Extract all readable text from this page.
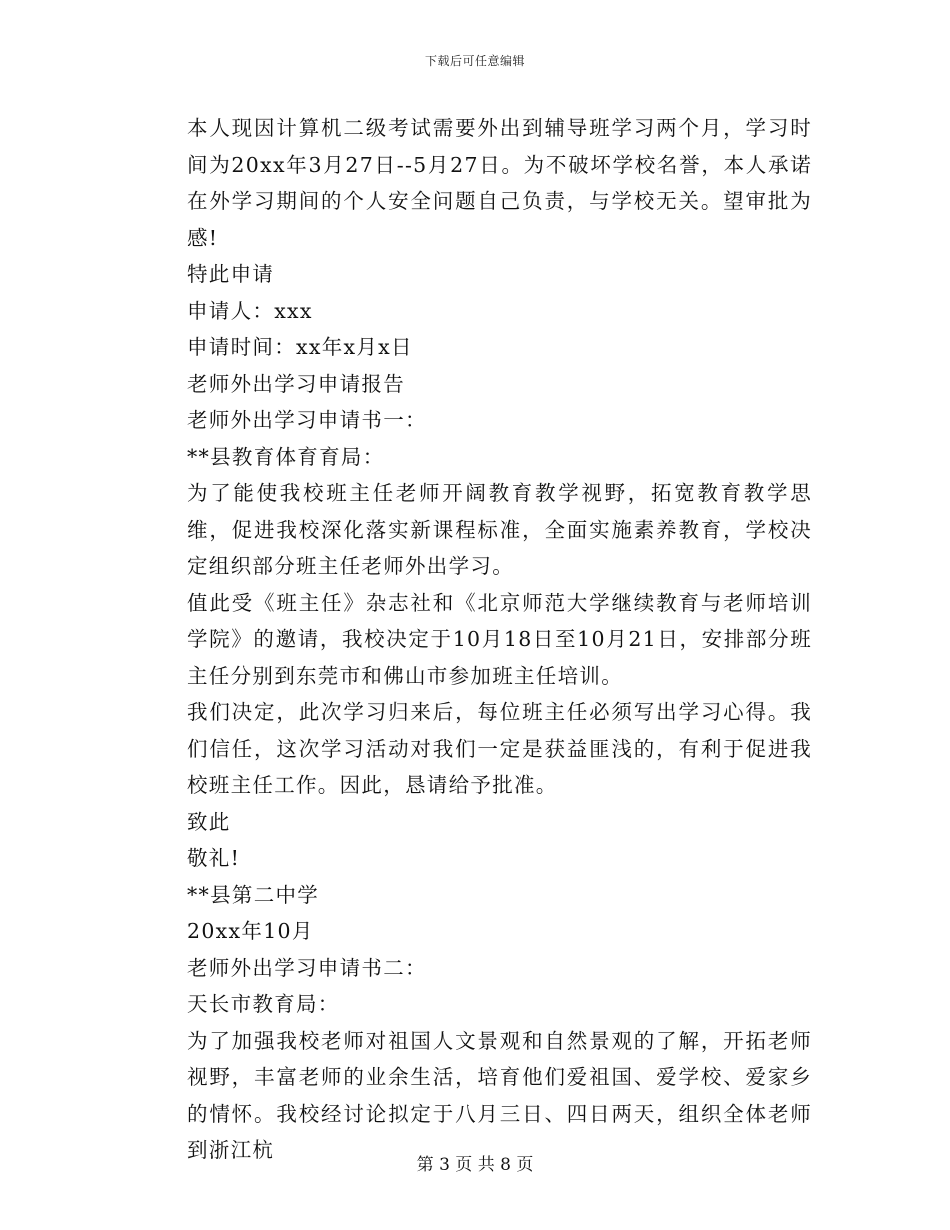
下载后可任意编辑

本人现因计算机二级考试需要外出到辅导班学习两个月，学习时间为20xx年3月27日--5月27日。为不破坏学校名誉，本人承诺在外学习期间的个人安全问题自己负责，与学校无关。望审批为感!

特此申请

申请人：xxx

申请时间：xx年x月x日

老师外出学习申请报告

老师外出学习申请书一：

**县教育体育育局：

为了能使我校班主任老师开阔教育教学视野，拓宽教育教学思维，促进我校深化落实新课程标准，全面实施素养教育，学校决定组织部分班主任老师外出学习。

值此受《班主任》杂志社和《北京师范大学继续教育与老师培训学院》的邀请，我校决定于10月18日至10月21日，安排部分班主任分别到东莞市和佛山市参加班主任培训。

我们决定，此次学习归来后，每位班主任必须写出学习心得。我们信任，这次学习活动对我们一定是获益匪浅的，有利于促进我校班主任工作。因此，恳请给予批准。

致此

敬礼!

**县第二中学

20xx年10月

老师外出学习申请书二：

天长市教育局：

为了加强我校老师对祖国人文景观和自然景观的了解，开拓老师视野，丰富老师的业余生活，培育他们爱祖国、爱学校、爱家乡的情怀。我校经讨论拟定于八月三日、四日两天，组织全体老师到浙江杭

第 3 页 共 8 页
